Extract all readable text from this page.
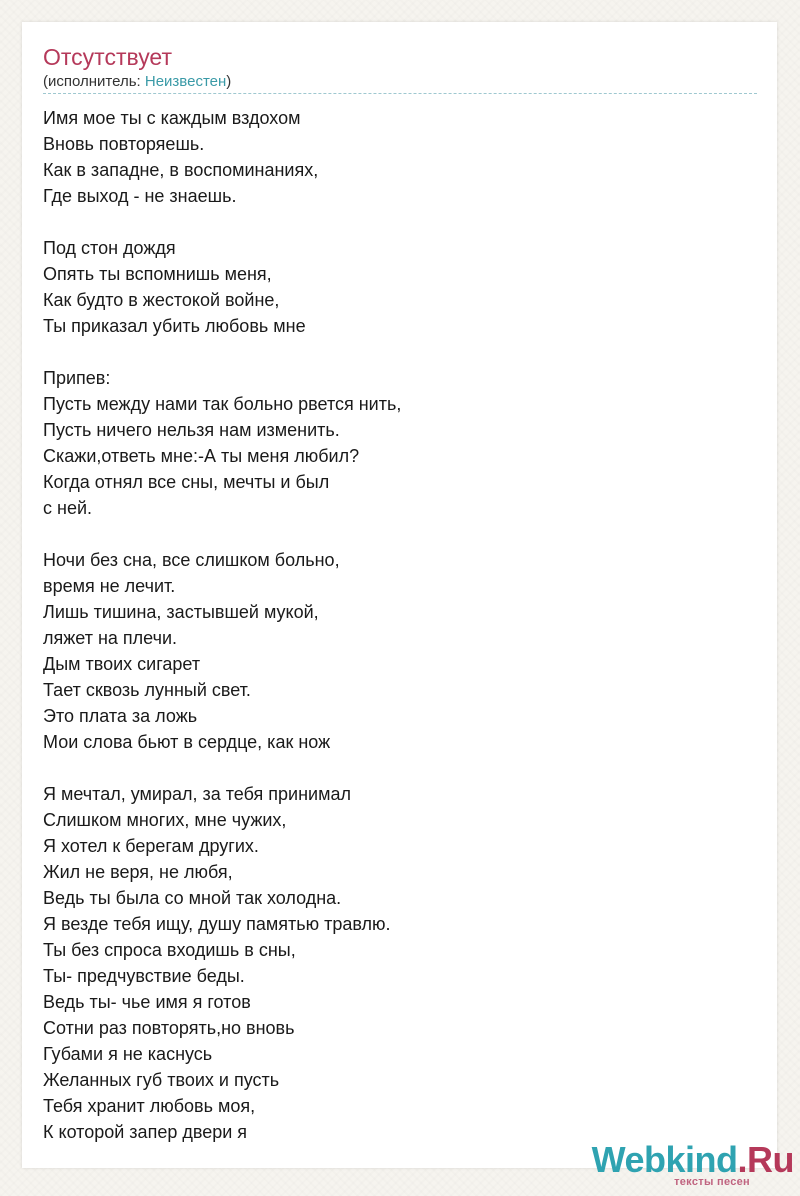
Отсутствует
(исполнитель: Неизвестен)
Имя мое ты с каждым вздохом
Вновь повторяешь.
Как в западне, в воспоминаниях,
Где выход - не знаешь.
Под стон дождя
Опять ты вспомнишь меня,
Как будто в жестокой войне,
Ты приказал убить любовь мне
Припев:
Пусть между нами так больно рвется нить,
Пусть ничего нельзя нам изменить.
Скажи,ответь мне:-А ты меня любил?
Когда отнял все сны, мечты и был
с ней.
Ночи без сна, все слишком больно,
время не лечит.
Лишь тишина, застывшей мукой,
ляжет на плечи.
Дым твоих сигарет
Тает сквозь лунный свет.
Это плата за ложь
Мои слова бьют в сердце, как нож
Я мечтал, умирал, за тебя принимал
Слишком многих, мне чужих,
Я хотел к берегам других.
Жил не веря, не любя,
Ведь ты была со мной так холодна.
Я везде тебя ищу, душу памятью травлю.
Ты без спроса входишь в сны,
Ты- предчувствие беды.
Ведь ты- чье имя я готов
Сотни раз повторять,но вновь
Губами я не каснусь
Желанных губ твоих и пусть
Тебя хранит любовь моя,
К которой запер двери я
Webkind.Ru
тексты песен
